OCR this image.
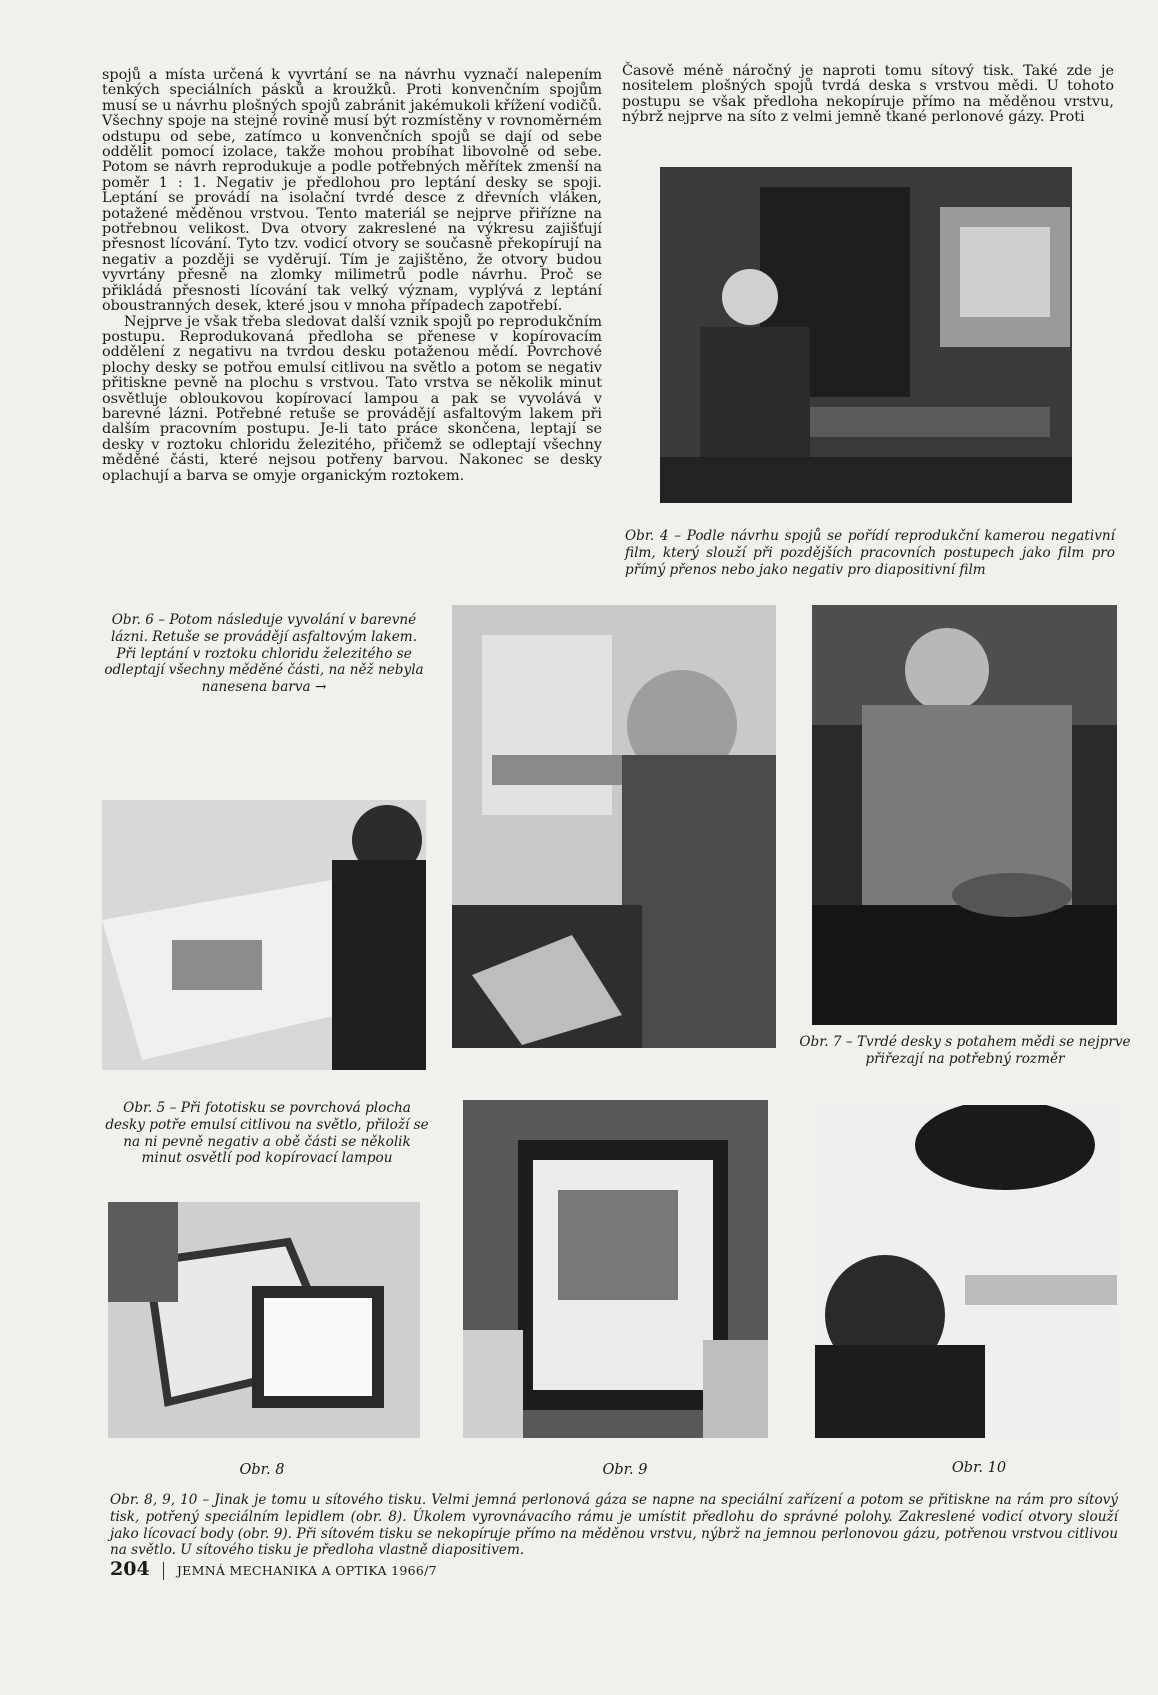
spojů a místa určená k vyvrtání se na návrhu vyznačí nalepením tenkých speciálních pásků a kroužků. Proti konvenčním spojům musí se u návrhu plošných spojů zabránit jakémukoli křížení vodičů. Všechny spoje na stejné rovině musí být rozmístěny v rovnoměrném odstupu od sebe, zatímco u konvenčních spojů se dají od sebe oddělit pomocí izolace, takže mohou probíhat libovolně od sebe. Potom se návrh reprodukuje a podle potřebných měřítek zmenší na poměr 1 : 1. Negativ je předlohou pro leptání desky se spoji. Leptání se provádí na isolační tvrdé desce z dřevních vláken, potažené měděnou vrstvou. Tento materiál se nejprve přiřízne na potřebnou velikost. Dva otvory zakreslené na výkresu zajišťují přesnost lícování. Tyto tzv. vodicí otvory se současně překopírují na negativ a později se vyděrují. Tím je zajištěno, že otvory budou vyvrtány přesně na zlomky milimetrů podle návrhu. Proč se přikládá přesnosti lícování tak velký význam, vyplývá z leptání oboustranných desek, které jsou v mnoha případech zapotřebí.

Nejprve je však třeba sledovat další vznik spojů po reprodukčním postupu. Reprodukovaná předloha se přenese v kopírovacím oddělení z negativu na tvrdou desku potaženou mědí. Povrchové plochy desky se potřou emulsí citlivou na světlo a potom se negativ přitiskne pevně na plochu s vrstvou. Tato vrstva se několik minut osvětluje obloukovou kopírovací lampou a pak se vyvolává v barevné lázni. Potřebné retuše se provádějí asfaltovým lakem při dalším pracovním postupu. Je-li tato práce skončena, leptají se desky v roztoku chloridu železitého, přičemž se odleptají všechny měděné části, které nejsou potřeny barvou. Nakonec se desky oplachují a barva se omyje organickým roztokem.

Časově méně náročný je naproti tomu sítový tisk. Také zde je nositelem plošných spojů tvrdá deska s vrstvou mědi. U tohoto postupu se však předloha nekopíruje přímo na měděnou vrstvu, nýbrž nejprve na síto z velmi jemně tkané perlonové gázy. Proti

Obr. 4 – Podle návrhu spojů se pořídí reprodukční kamerou negativní film, který slouží při pozdějších pracovních postupech jako film pro přímý přenos nebo jako negativ pro diapositivní film
Obr. 6 – Potom následuje vyvolání v barevné lázni. Retuše se provádějí asfaltovým lakem. Při leptání v roztoku chloridu železitého se odleptají všechny měděné části, na něž nebyla nanesena barva →
Obr. 7 – Tvrdé desky s potahem mědi se nejprve přiřezají na potřebný rozměr
Obr. 5 – Při fototisku se povrchová plocha desky potře emulsí citlivou na světlo, přiloží se na ni pevně negativ a obě části se několik minut osvětlí pod kopírovací lampou
Obr. 8	Obr. 9	Obr. 10
Obr. 8, 9, 10 – Jinak je tomu u sítového tisku. Velmi jemná perlonová gáza se napne na speciální zařízení a potom se přitiskne na rám pro sítový tisk, potřený speciálním lepidlem (obr. 8). Úkolem vyrovnávacího rámu je umístit předlohu do správné polohy. Zakreslené vodicí otvory slouží jako lícovací body (obr. 9). Při sítovém tisku se nekopíruje přímo na měděnou vrstvu, nýbrž na jemnou perlonovou gázu, potřenou vrstvou citlivou na světlo. U sítového tisku je předloha vlastně diapositivem.
204 JEMNÁ MECHANIKA A OPTIKA 1966/7
